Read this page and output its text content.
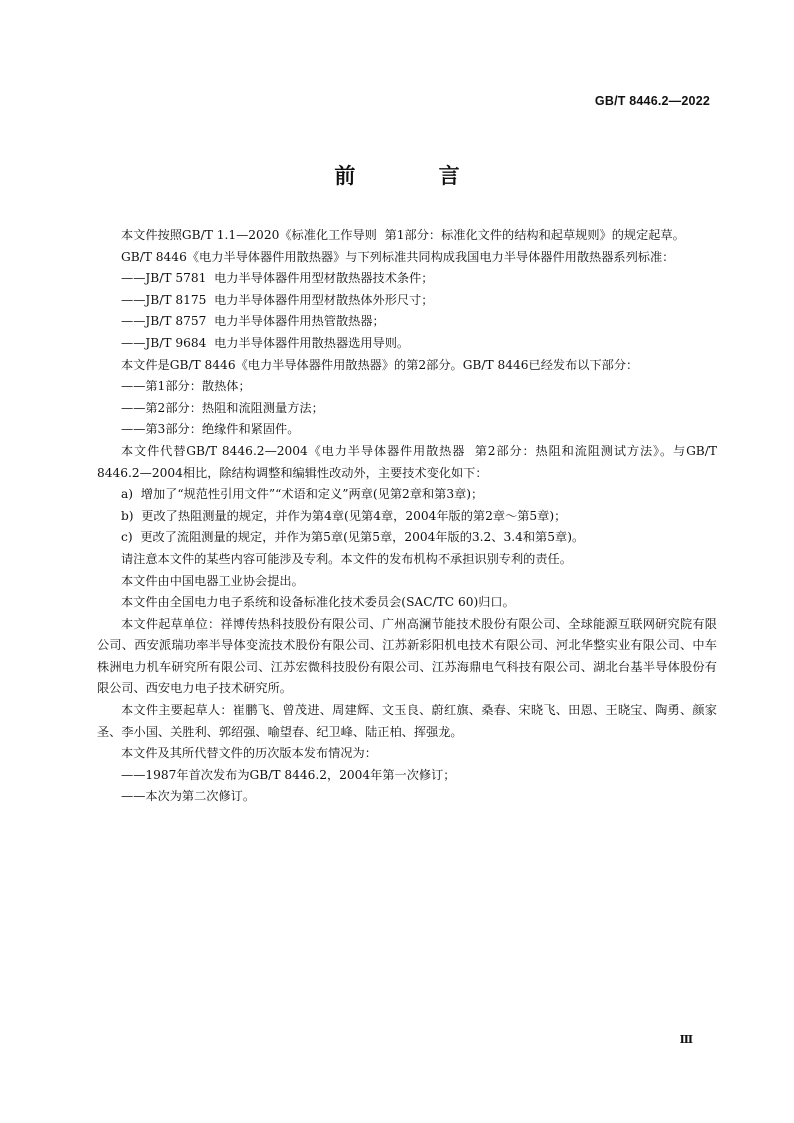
GB/T 8446.2—2022
前 言

本文件按照GB/T 1.1—2020《标准化工作导则  第1部分：标准化文件的结构和起草规则》的规定起草。

GB/T 8446《电力半导体器件用散热器》与下列标准共同构成我国电力半导体器件用散热器系列标准：

——JB/T 5781  电力半导体器件用型材散热器技术条件；

——JB/T 8175  电力半导体器件用型材散热体外形尺寸；

——JB/T 8757  电力半导体器件用热管散热器；

——JB/T 9684  电力半导体器件用散热器选用导则。

本文件是GB/T 8446《电力半导体器件用散热器》的第2部分。GB/T 8446已经发布以下部分：

——第1部分：散热体；

——第2部分：热阻和流阻测量方法；

——第3部分：绝缘件和紧固件。

本文件代替GB/T 8446.2—2004《电力半导体器件用散热器  第2部分：热阻和流阻测试方法》。与GB/T 8446.2—2004相比，除结构调整和编辑性改动外，主要技术变化如下：

a)  增加了“规范性引用文件”“术语和定义”两章(见第2章和第3章)；

b)  更改了热阻测量的规定，并作为第4章(见第4章，2004年版的第2章～第5章)；

c)  更改了流阻测量的规定，并作为第5章(见第5章，2004年版的3.2、3.4和第5章)。

请注意本文件的某些内容可能涉及专利。本文件的发布机构不承担识别专利的责任。

本文件由中国电器工业协会提出。

本文件由全国电力电子系统和设备标准化技术委员会(SAC/TC 60)归口。

本文件起草单位：祥博传热科技股份有限公司、广州高澜节能技术股份有限公司、全球能源互联网研究院有限公司、西安派瑞功率半导体变流技术股份有限公司、江苏新彩阳机电技术有限公司、河北华整实业有限公司、中车株洲电力机车研究所有限公司、江苏宏微科技股份有限公司、江苏海鼎电气科技有限公司、湖北台基半导体股份有限公司、西安电力电子技术研究所。

本文件主要起草人：崔鹏飞、曾茂进、周建辉、文玉良、蔚红旗、桑春、宋晓飞、田恩、王晓宝、陶勇、颜家圣、李小国、关胜利、郭绍强、喻望春、纪卫峰、陆正柏、挥强龙。

本文件及其所代替文件的历次版本发布情况为：

——1987年首次发布为GB/T 8446.2，2004年第一次修订；

——本次为第二次修订。

Ⅲ
